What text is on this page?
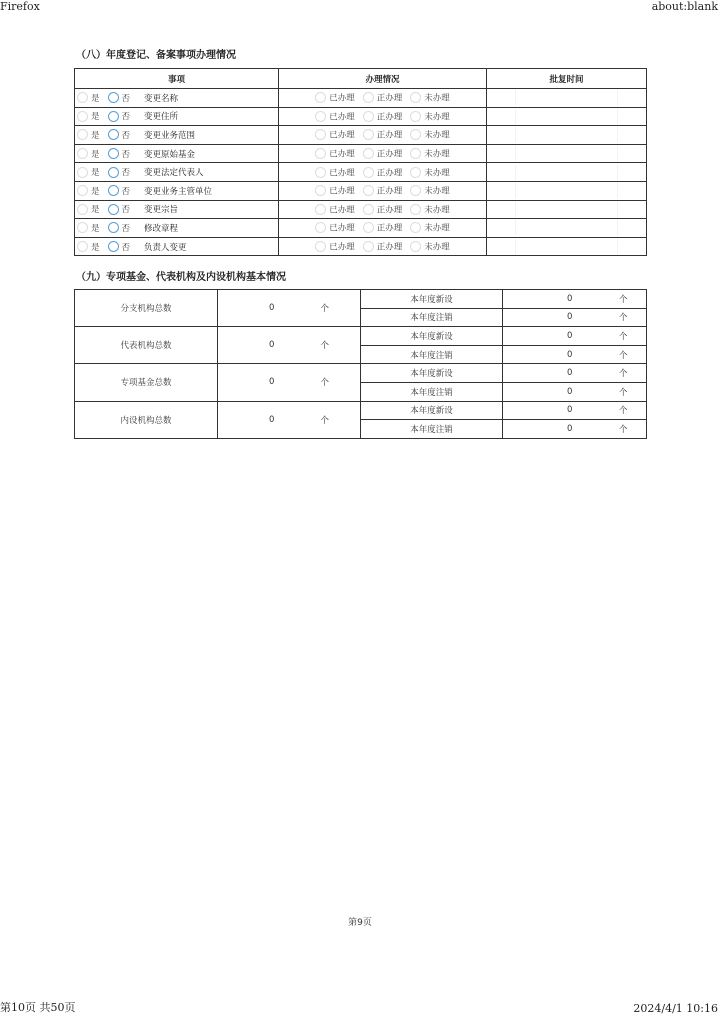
Firefox	about:blank
（八）年度登记、备案事项办理情况
事项	办理情况	批复时间
是 否 变更名称	已办理 正办理 未办理	

是 否 变更住所	已办理 正办理 未办理	

是 否 变更业务范围	已办理 正办理 未办理	

是 否 变更原始基金	已办理 正办理 未办理	

是 否 变更法定代表人	已办理 正办理 未办理	

是 否 变更业务主管单位	已办理 正办理 未办理	

是 否 变更宗旨	已办理 正办理 未办理	

是 否 修改章程	已办理 正办理 未办理	

是 否 负责人变更	已办理 正办理 未办理	
（九）专项基金、代表机构及内设机构基本情况
分支机构总数	0	个	本年度新设	0	个
			本年度注销	0	个
代表机构总数	0	个	本年度新设	0	个
			本年度注销	0	个
专项基金总数	0	个	本年度新设	0	个
			本年度注销	0	个
内设机构总数	0	个	本年度新设	0	个
			本年度注销	0	个
第9页
第10页 共50页	2024/4/1 10:16
